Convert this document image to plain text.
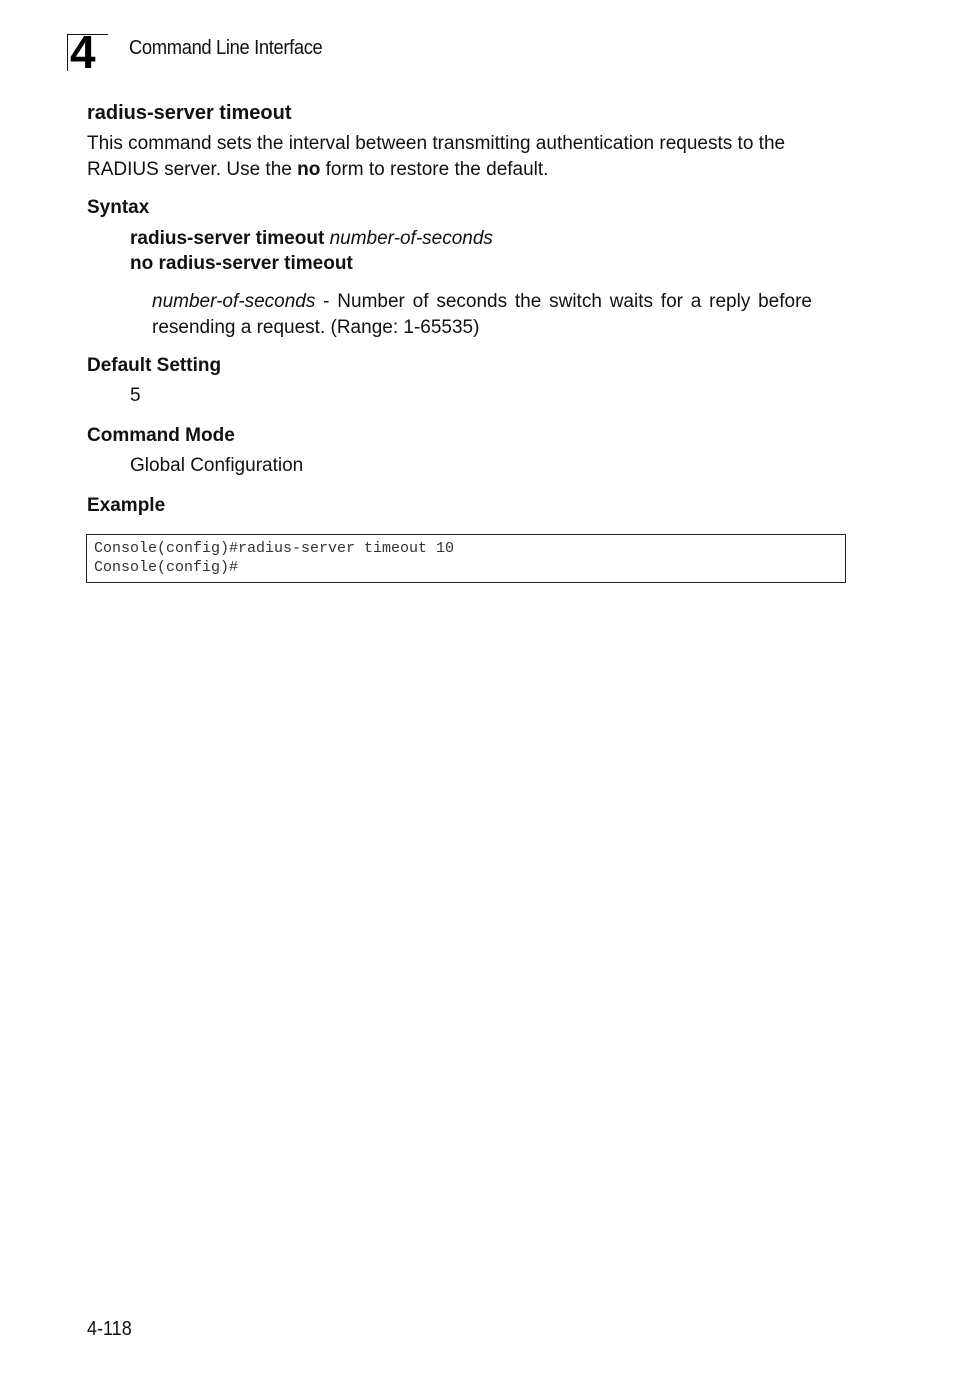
4 Command Line Interface
radius-server timeout
This command sets the interval between transmitting authentication requests to the RADIUS server. Use the no form to restore the default.
Syntax
radius-server timeout number-of-seconds
no radius-server timeout
number-of-seconds - Number of seconds the switch waits for a reply before resending a request. (Range: 1-65535)
Default Setting
5
Command Mode
Global Configuration
Example
Console(config)#radius-server timeout 10
Console(config)#
4-118
